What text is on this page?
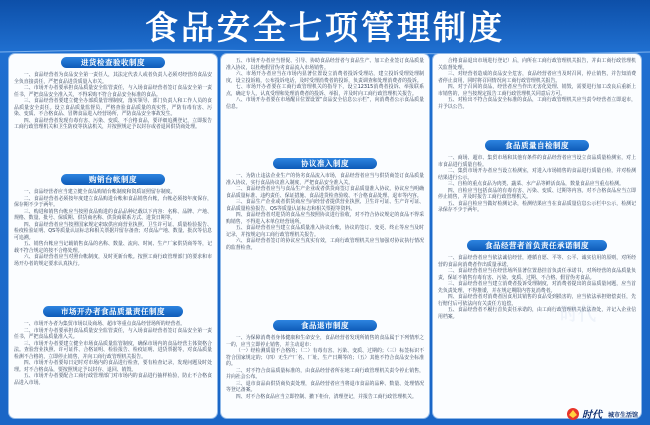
食品安全七项管理制度
进货检查验收制度

一、食品经营者为食品安全第一责任人，其法定代表人或者负责人必须对经营的食品安全负直接责任，严把食品进货质量入市关。

二、市场开办者要承担食品质量安全监管责任，与入场食品经营者签订食品安全第一责任书，严把食品安全准入关，不得采购不符合食品安全标准的食品。

三、食品经营者要建立健全办部质量管理制度，落实领导、部门负责人和工作人员的食品质量安全责任。设立食品质量监督员，严格查验食品质量的真实性，严防有毒有害、污染、变质、不合格食品、冒牌食品进入经营场所，严防食品安全事故发生。

四、食品经营者发现有毒有害、污染、变质、不合格食品，要详细追溯登记，立即报告工商行政管理机关和卫生防疫等执法机关，并按照规定予以封存或者退回供货商处理。

购销台帐制度

一、食品经营者应当建立健全食品购销台帐制度和资质证照留存制度。

二、食品经营者必须按年度建立食品购进台帐和食品销售台帐，台帐必须按年度保存，保存期不少于两年。

三、购进和销售台帐应当按照食品购进的食品品种记载以下内容：名称、品牌、产地、规格、数量、批号、保质期、供货商名称、供货商联系方式、进货日期等。

四、食品经营者应当按照国家规定索取供应商营业执照、卫生许可证、质量检验报告、检疫检验证明、QS等质量认证标志和相关票据并留存备查；对食品产地、数量、批次等信息可追溯。

五、销售台帐应当记载销售食品的名称、数量、流向、时间、生产厂家供货商等等，记载不符合规定的按不合格处理。

六、食品经营者应当对照台帐制度，及时更新台帐。按照工商行政管理部门的要求和市场开办者的规定要求认真执行。

市场开办者食品质量责任制度

一、市场开办者为集贸市场以及商场、超市等重点食品经营场所的经营者。

二、市场开办者要承担食品质量安全监管责任，与入场食品经营者签订食品安全第一责任书，严把食品质量准入关。

三、市场开办者要建立健全市场食品质量监管制度，确保市场内的食品经营主体资格合法。查验营业执照、许可证件、合格证明、检验报告、检疫证明、进货票据等，对食品质量检测不合格的，立即停止销售，并向工商行政管理机关报告。

四、市场开办者要每日定时对市场内的食品进行检查，要有检查记录，发现问题及时处理。对不合格食品，要按照规定予以封存、退回、销毁。

五、市场开办者要配合工商行政管理部门对市场内的食品进行抽样检验，防止不合格食品进入市场。

五、市场开办者应当督促、引导、协助食品经营者与食品生产、加工企业签订食品质量准入协议，以杜绝假冒伪劣食品流入市场销售。

六、市场开办者应当在市场内显著位置设立消费者投诉受理站，建立投诉受理处理制度，设立投诉箱，公布投诉电话，及时受理消费者的投诉，负责调查和处理消费者的投诉。

七、市场开办者要在工商行政管理机关的指导下，设立12315消费者投诉、举报联系点，确定专人，认真受理和处理消费者的投诉、举报，并及时向工商行政管理机关报告。

八、市场开办者要在市场醒目位置设置“食品安全信息公示栏”，向消费者公示食品质量信息。

协议准入制度

一、为防止违法企业生产的伪劣食品流入市场，食品经营者应当与供货商签订食品质量准入协议，实行食品协议准入制度，严把食品安全准入关。

二、食品经营者应当与食品生产企业或者供货商签订食品质量准入协议。协议应当明确食品质量标准、违约责任、保证措施、食品进货检查验收、不合格食品处理、退市等内容。

三、食品生产企业或者供货商应当向经营者提供营业执照、卫生许可证、生产许可证、食品质量检验报告、QS等质量认证标志和相关票据等资料。

四、食品经营者对进货的食品应当按照协议进行验收，对不符合协议规定的食品不得采购销售，不得进入本单位经营场所。

五、食品经营者应当建立食品质量准入协议台帐，协议的签订、变更、终止等应当及时记录，并按规定向工商行政管理机关报告。

六、食品经营者签订的协议应当真实有效，工商行政管理机关应当加强对协议执行情况的监督检查。

食品退市制度

一、为保障消费者身体健康和生命安全，食品经营者发现所销售的食品属于下列情形之一的，应当立即停止销售，并主动退市：

（一）经检测质量不合格的；（二）有毒有害、污染、变质、过期的；（三）标签标识不符合国家规定的；（四）无生产厂名、厂址、生产日期等的；（五）其他不符合食品安全标准的。

二、对不符合食品质量标准的，由食品经营者所在地工商行政管理机关责令停止销售，并向社会公布。

三、退市食品由供货商负责处理，食品经营者应当将退市食品的品种、数量、处理情况等登记备案。

四、对不合格食品应当立即控制、撤下柜台，清理登记，并报告工商行政管理机关。

合格食品退出市场进行登记）后，向所在工商行政管理机关报告，并由工商行政管理机关监督处理。

三、对经营者造成的食品安全危害，食品经营者应当及时召回，停止销售，并告知消费者停止食用，同时将召回情况向工商行政管理机关报告。

四、对于召回的食品，经营者应当作出无害化处理、销毁，需要进行加工改良后重新上市销售的，应当按规定报告工商行政管理机关同意后方可。

五、对检出不符合食品安全标准的食品，工商行政管理机关应当责令经营者立即退市，并予以公告。

食品质量自检制度

一、商场、超市、集贸市场和其他有条件的食品经营者应当设立食品质量检测室，对上市食品进行质量自检。

二、集贸市场开办者应当设立检测室，对进入市场销售的食品进行质量自检，并对检测结果进行公示。

三、自检的重点食品为肉类、蔬菜、水产品等鲜活食品，数量食品应当重点检测。

四、自检应当包括食品的有毒有害、污染、变质、过期等内容。对不合格食品应当立即停止销售，并及时报告工商行政管理机关。

五、食品自检应当做好检测记录，检测结果应当在食品质量信息公示栏中公示，检测记录保存不少于两年。

食品经营者首负责任承诺制度

一、食品经营者应当依法诚信经营，遵循自愿、平等、公平、诚实信用的原则，对所经营的食品向消费者作出质量承诺。

二、食品经营者应当在经营场所显著位置悬挂首负责任承诺书，对所经营的食品质量负责，保证不销售有毒有害、污染、变质、过期、不合格、假冒伪劣食品。

三、食品经营者应当建立消费者投诉受理制度，对消费者提出的食品质量问题，应当首先负责处理，不得推诿，并在规定期限内答复消费者。

四、食品经营者对消费者因食用其销售的食品受到损害的，应当依法承担赔偿责任，先行赔付后可依法向有关责任方追偿。

五、食品经营者不履行首负责任承诺的，由工商行政管理机关依法查处，并记入企业信用档案。	时代
时代 城市生活馆
